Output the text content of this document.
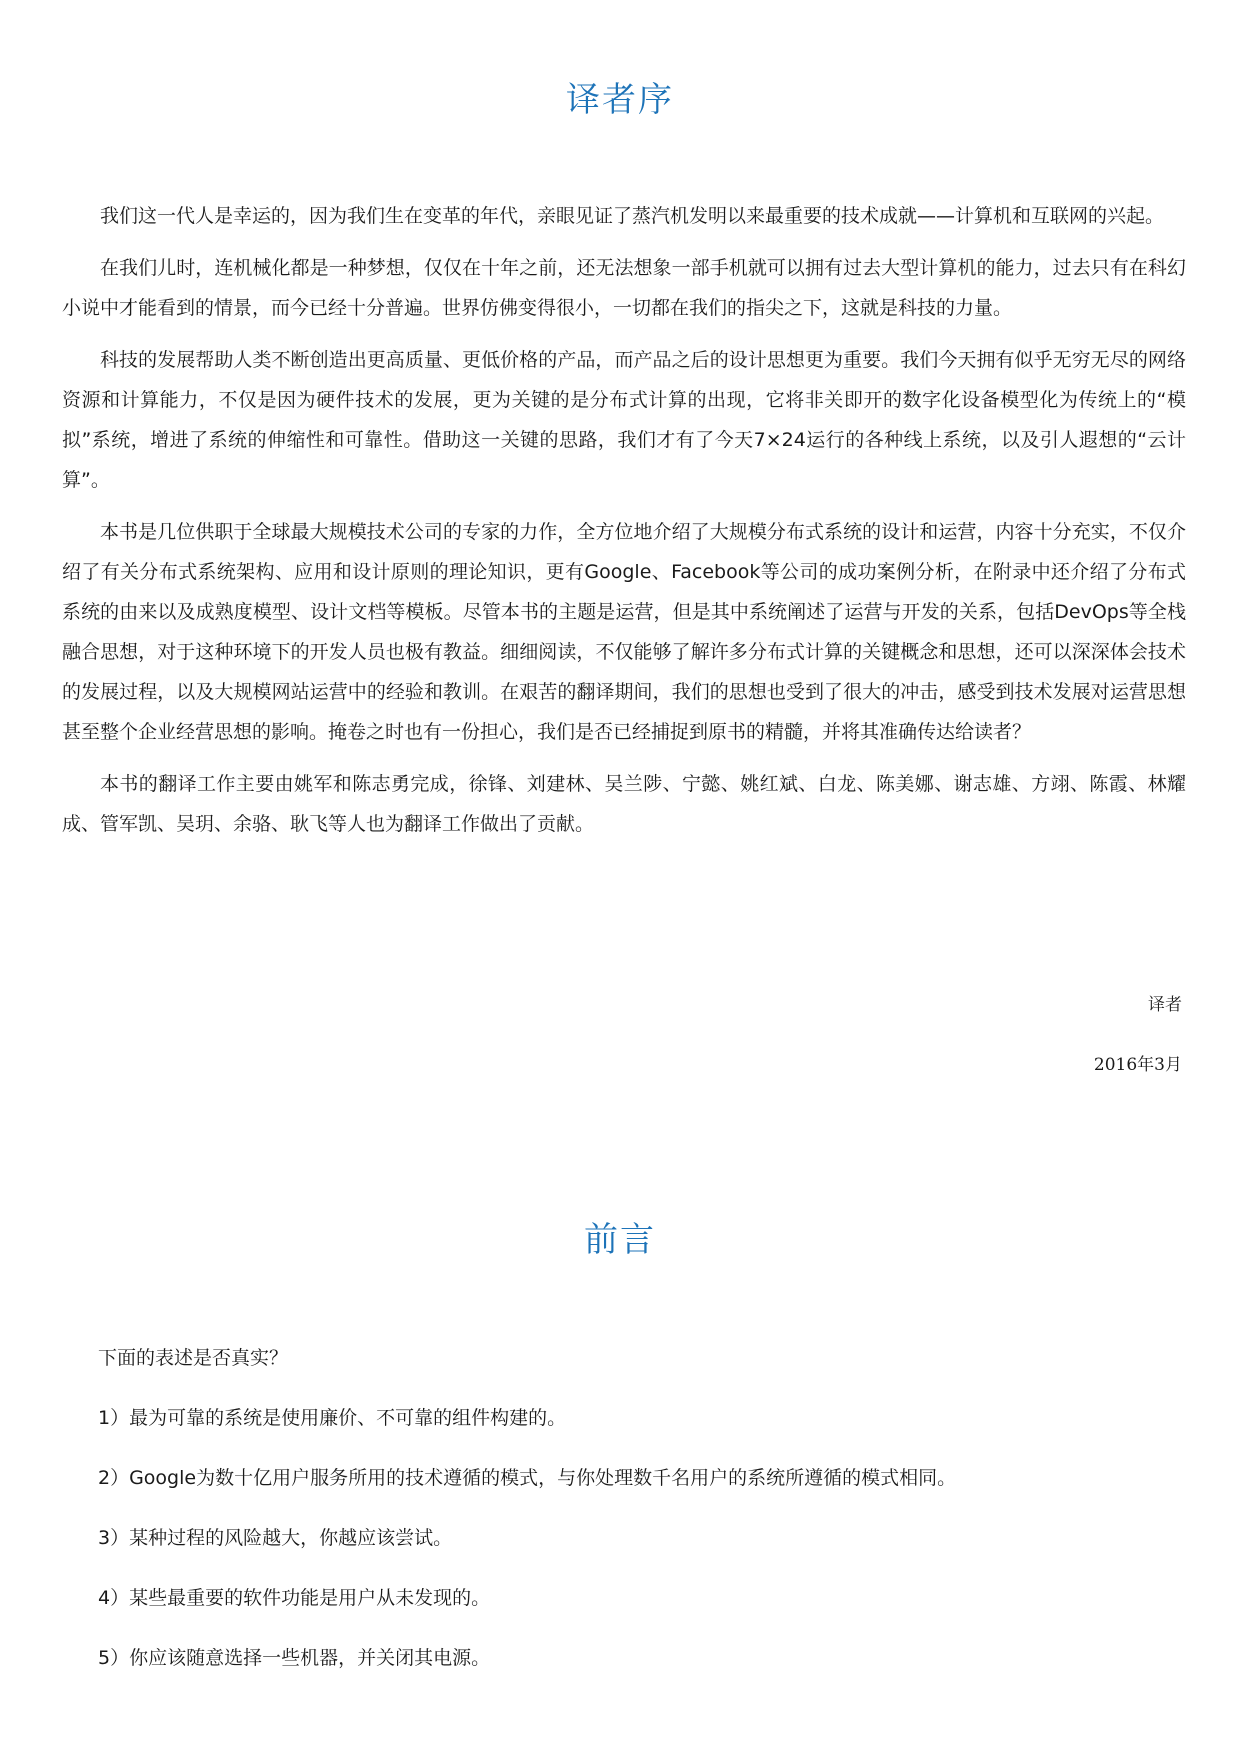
译者序

我们这一代人是幸运的，因为我们生在变革的年代，亲眼见证了蒸汽机发明以来最重要的技术成就——计算机和互联网的兴起。

在我们儿时，连机械化都是一种梦想，仅仅在十年之前，还无法想象一部手机就可以拥有过去大型计算机的能力，过去只有在科幻小说中才能看到的情景，而今已经十分普遍。世界仿佛变得很小，一切都在我们的指尖之下，这就是科技的力量。

科技的发展帮助人类不断创造出更高质量、更低价格的产品，而产品之后的设计思想更为重要。我们今天拥有似乎无穷无尽的网络资源和计算能力，不仅是因为硬件技术的发展，更为关键的是分布式计算的出现，它将非关即开的数字化设备模型化为传统上的“模拟”系统，增进了系统的伸缩性和可靠性。借助这一关键的思路，我们才有了今天7×24运行的各种线上系统，以及引人遐想的“云计算”。

本书是几位供职于全球最大规模技术公司的专家的力作，全方位地介绍了大规模分布式系统的设计和运营，内容十分充实，不仅介绍了有关分布式系统架构、应用和设计原则的理论知识，更有Google、Facebook等公司的成功案例分析，在附录中还介绍了分布式系统的由来以及成熟度模型、设计文档等模板。尽管本书的主题是运营，但是其中系统阐述了运营与开发的关系，包括DevOps等全栈融合思想，对于这种环境下的开发人员也极有教益。细细阅读，不仅能够了解许多分布式计算的关键概念和思想，还可以深深体会技术的发展过程，以及大规模网站运营中的经验和教训。在艰苦的翻译期间，我们的思想也受到了很大的冲击，感受到技术发展对运营思想甚至整个企业经营思想的影响。掩卷之时也有一份担心，我们是否已经捕捉到原书的精髓，并将其准确传达给读者？

本书的翻译工作主要由姚军和陈志勇完成，徐锋、刘建林、吴兰陟、宁懿、姚红斌、白龙、陈美娜、谢志雄、方翊、陈霞、林耀成、管军凯、吴玥、余骆、耿飞等人也为翻译工作做出了贡献。

译者

2016年3月

前言

下面的表述是否真实？

1）最为可靠的系统是使用廉价、不可靠的组件构建的。

2）Google为数十亿用户服务所用的技术遵循的模式，与你处理数千名用户的系统所遵循的模式相同。

3）某种过程的风险越大，你越应该尝试。

4）某些最重要的软件功能是用户从未发现的。

5）你应该随意选择一些机器，并关闭其电源。
